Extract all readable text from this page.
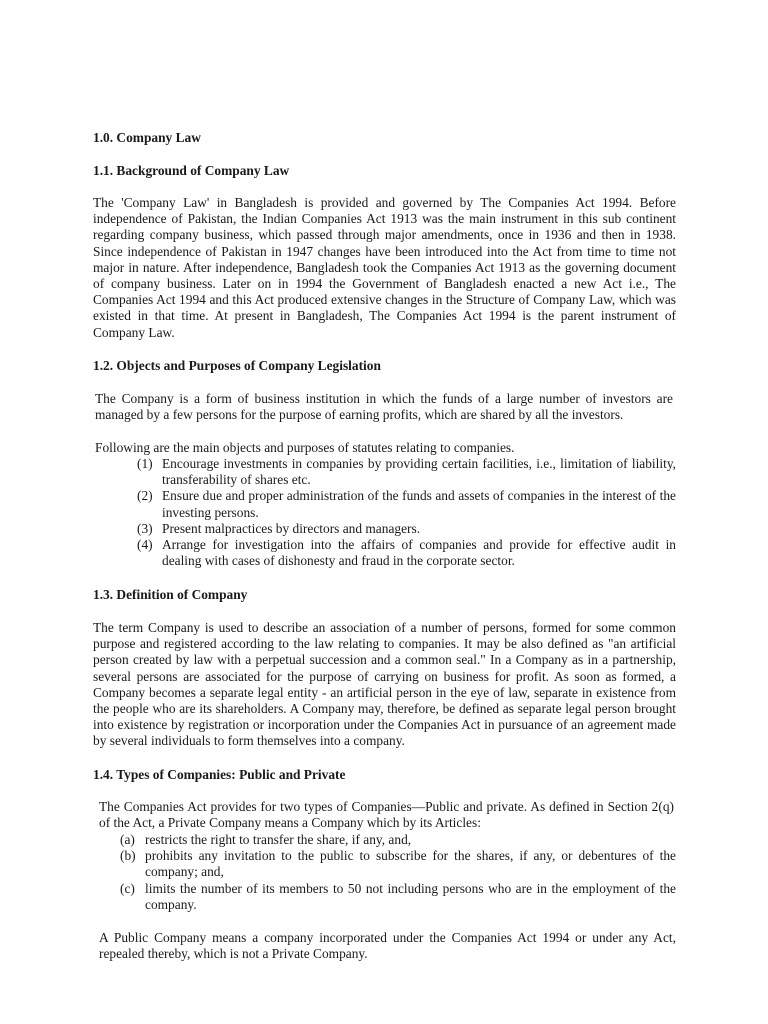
1.0. Company Law
1.1. Background of Company Law

The 'Company Law' in Bangladesh is provided and governed by The Companies Act 1994. Before independence of Pakistan, the Indian Companies Act 1913 was the main instrument in this sub continent regarding company business, which passed through major amendments, once in 1936 and then in 1938. Since independence of Pakistan in 1947 changes have been introduced into the Act from time to time not major in nature. After independence, Bangladesh took the Companies Act 1913 as the governing document of company business. Later on in 1994 the Government of Bangladesh enacted a new Act i.e., The Companies Act 1994 and this Act produced extensive changes in the Structure of Company Law, which was existed in that time. At present in Bangladesh, The Companies Act 1994 is the parent instrument of Company Law.

1.2. Objects and Purposes of Company Legislation

The Company is a form of business institution in which the funds of a large number of investors are managed by a few persons for the purpose of earning profits, which are shared by all the investors.

Following are the main objects and purposes of statutes relating to companies.

(1) Encourage investments in companies by providing certain facilities, i.e., limitation of liability, transferability of shares etc.
(2) Ensure due and proper administration of the funds and assets of companies in the interest of the investing persons.
(3) Present malpractices by directors and managers.
(4) Arrange for investigation into the affairs of companies and provide for effective audit in dealing with cases of dishonesty and fraud in the corporate sector.
1.3. Definition of Company

The term Company is used to describe an association of a number of persons, formed for some common purpose and registered according to the law relating to companies. It may be also defined as "an artificial person created by law with a perpetual succession and a common seal." In a Company as in a partnership, several persons are associated for the purpose of carrying on business for profit. As soon as formed, a Company becomes a separate legal entity - an artificial person in the eye of law, separate in existence from the people who are its shareholders. A Company may, therefore, be defined as separate legal person brought into existence by registration or incorporation under the Companies Act in pursuance of an agreement made by several individuals to form themselves into a company.

1.4. Types of Companies: Public and Private

The Companies Act provides for two types of Companies—Public and private. As defined in Section 2(q) of the Act, a Private Company means a Company which by its Articles:

(a) restricts the right to transfer the share, if any, and,
(b) prohibits any invitation to the public to subscribe for the shares, if any, or debentures of the company; and,
(c) limits the number of its members to 50 not including persons who are in the employment of the company.

A Public Company means a company incorporated under the Companies Act 1994 or under any Act, repealed thereby, which is not a Private Company.
